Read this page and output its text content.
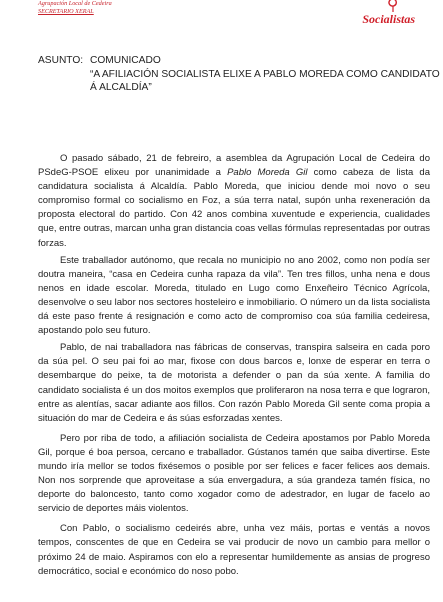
Agrupación Local de Cedeira
SECRETARIO XERAL
Socialistas
ASUNTO: COMUNICADO
“A AFILIACIÓN SOCIALISTA ELIXE A PABLO MOREDA COMO CANDIDATO Á ALCALDÍA”

O pasado sábado, 21 de febreiro, a asemblea da Agrupación Local de Cedeira do PSdeG-PSOE elixeu por unanimidade a Pablo Moreda Gil como cabeza de lista da candidatura socialista á Alcaldía. Pablo Moreda, que iniciou dende moi novo o seu compromiso formal co socialismo en Foz, a súa terra natal, supón unha rexeneración da proposta electoral do partido. Con 42 anos combina xuventude e experiencia, cualidades que, entre outras, marcan unha gran distancia coas vellas fórmulas representadas por outras forzas.

Este traballador autónomo, que recala no municipio no ano 2002, como non podía ser doutra maneira, “casa en Cedeira cunha rapaza da vila”. Ten tres fillos, unha nena e dous nenos en idade escolar. Moreda, titulado en Lugo como Enxeñeiro Técnico Agrícola, desenvolve o seu labor nos sectores hosteleiro e inmobiliario. O número un da lista socialista dá este paso frente á resignación e como acto de compromiso coa súa familia cedeiresa, apostando polo seu futuro.

Pablo, de nai traballadora nas fábricas de conservas, transpira salseira en cada poro da súa pel. O seu pai foi ao mar, fixose con dous barcos e, lonxe de esperar en terra o desembarque do peixe, ta de motorista a defender o pan da súa xente. A familia do candidato socialista é un dos moitos exemplos que proliferaron na nosa terra e que lograron, entre as alentías, sacar adiante aos fillos. Con razón Pablo Moreda Gil sente coma propia a situación do mar de Cedeira e ás súas esforzadas xentes.

Pero por riba de todo, a afiliación socialista de Cedeira apostamos por Pablo Moreda Gil, porque é boa persoa, cercano e traballador. Gústanos tamén que saiba divertirse. Este mundo iría mellor se todos fixésemos o posible por ser felices e facer felices aos demais. Non nos sorprende que aproveitase a súa envergadura, a súa grandeza tamén física, no deporte do baloncesto, tanto como xogador como de adestrador, en lugar de facelo ao servicio de deportes máis violentos.

Con Pablo, o socialismo cedeirés abre, unha vez máis, portas e ventás a novos tempos, conscentes de que en Cedeira se vai producir de novo un cambio para mellor o próximo 24 de maio. Aspiramos con elo a representar humildemente as ansias de progreso democrático, social e económico do noso pobo.
